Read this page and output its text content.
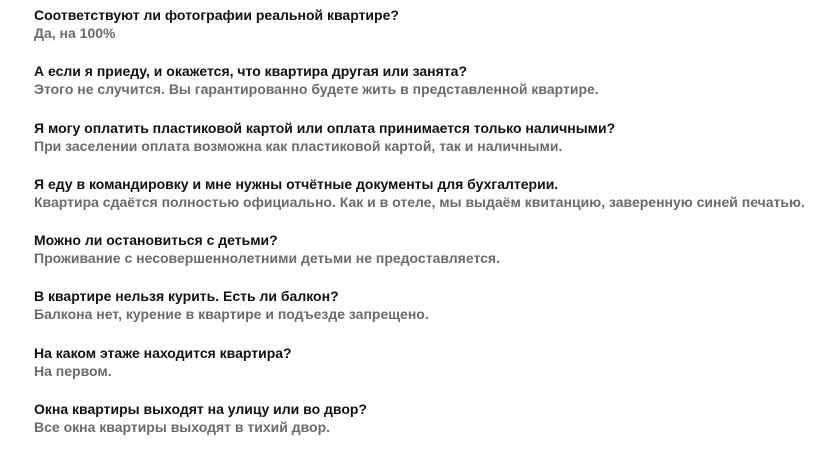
Соответствуют ли фотографии реальной квартире?
Да, на 100%
А если я приеду, и окажется, что квартира другая или занята?
Этого не случится. Вы гарантированно будете жить в представленной квартире.
Я могу оплатить пластиковой картой или оплата принимается только наличными?
При заселении оплата возможна как пластиковой картой, так и наличными.
Я еду в командировку и мне нужны отчётные документы для бухгалтерии.
Квартира сдаётся полностью официально. Как и в отеле, мы выдаём квитанцию, заверенную синей печатью.
Можно ли остановиться с детьми?
Проживание с несовершеннолетними детьми не предоставляется.
В квартире нельзя курить. Есть ли балкон?
Балкона нет, курение в квартире и подъезде запрещено.
На каком этаже находится квартира?
На первом.
Окна квартиры выходят на улицу или во двор?
Все окна квартиры выходят в тихий двор.
